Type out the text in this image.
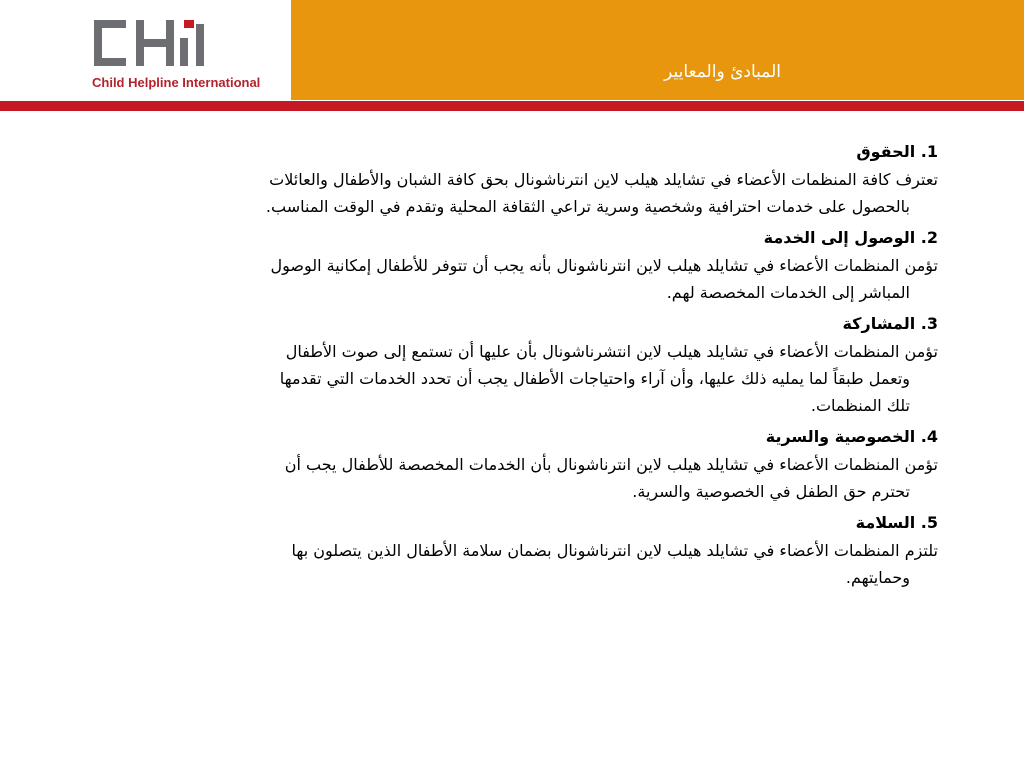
Child Helpline International
المبادئ والمعايير

1. الحقوق

تعترف كافة المنظمات الأعضاء في تشايلد هيلب لاين انترناشونال بحق كافة الشبان والأطفال والعائلات
بالحصول على خدمات احترافية وشخصية وسرية تراعي الثقافة المحلية وتقدم في الوقت المناسب.

2. الوصول إلى الخدمة

تؤمن المنظمات الأعضاء في تشايلد هيلب لاين انترناشونال بأنه يجب أن تتوفر للأطفال إمكانية الوصول
المباشر إلى الخدمات المخصصة لهم.

3. المشاركة

تؤمن المنظمات الأعضاء في تشايلد هيلب لاين انتشرناشونال بأن عليها أن تستمع إلى صوت الأطفال
وتعمل طبقاً لما يمليه ذلك عليها، وأن آراء واحتياجات الأطفال يجب أن تحدد الخدمات التي تقدمها
تلك المنظمات.

4. الخصوصية والسرية

تؤمن المنظمات الأعضاء في تشايلد هيلب لاين انترناشونال بأن الخدمات المخصصة للأطفال يجب أن
تحترم حق الطفل في الخصوصية والسرية.

5. السلامة

تلتزم المنظمات الأعضاء في تشايلد هيلب لاين انترناشونال بضمان سلامة الأطفال الذين يتصلون بها
وحمايتهم.
